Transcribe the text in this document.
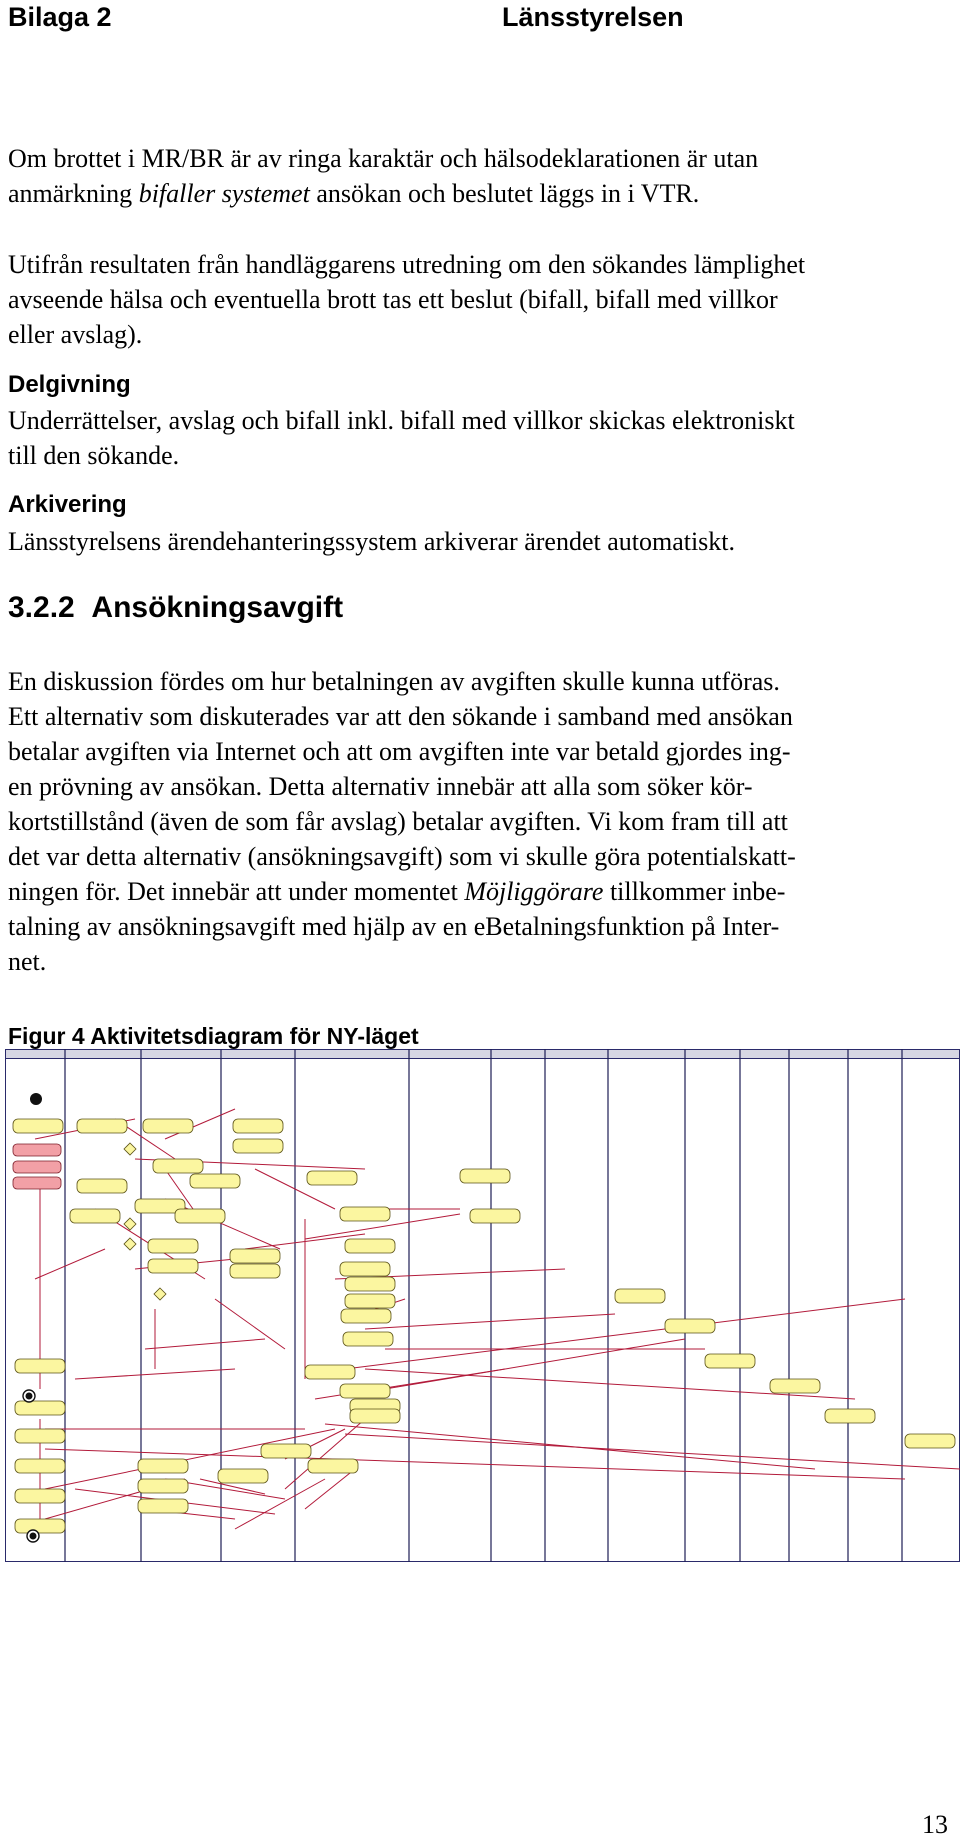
Bilaga 2	Länsstyrelsen
Om brottet i MR/BR är av ringa karaktär och hälsodeklarationen är utan
anmärkning bifaller systemet ansökan och beslutet läggs in i VTR.
Utifrån resultaten från handläggarens utredning om den sökandes lämplighet
avseende hälsa och eventuella brott tas ett beslut (bifall, bifall med villkor
eller avslag).
Delgivning
Underrättelser, avslag och bifall inkl. bifall med villkor skickas elektroniskt
till den sökande.
Arkivering
Länsstyrelsens ärendehanteringssystem arkiverar ärendet automatiskt.
3.2.2 Ansökningsavgift
En diskussion fördes om hur betalningen av avgiften skulle kunna utföras.
Ett alternativ som diskuterades var att den sökande i samband med ansökan
betalar avgiften via Internet och att om avgiften inte var betald gjordes ing-
en prövning av ansökan. Detta alternativ innebär att alla som söker kör-
kortstillstånd (även de som får avslag) betalar avgiften. Vi kom fram till att
det var detta alternativ (ansökningsavgift) som vi skulle göra potentialskatt-
ningen för. Det innebär att under momentet Möjliggörare tillkommer inbe-
talning av ansökningsavgift med hjälp av en eBetalningsfunktion på Inter-
net.
Figur 4 Aktivitetsdiagram för NY-läget
13
